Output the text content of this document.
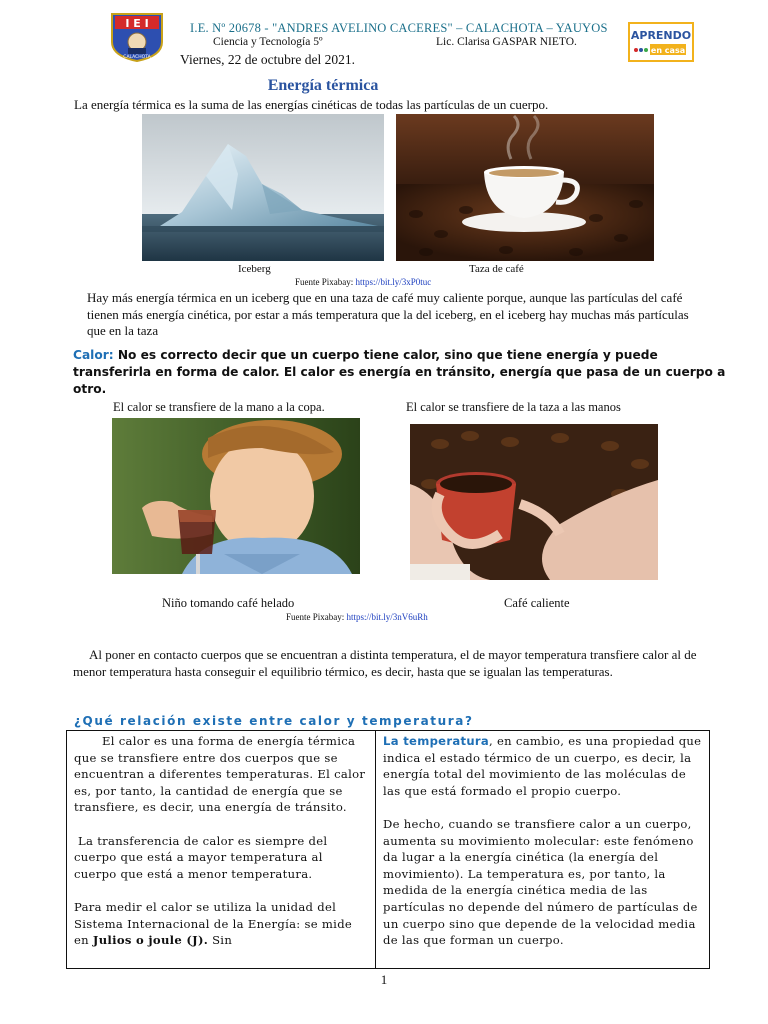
I E I
CALACHOTA
I.E. Nº 20678 - "ANDRES AVELINO CACERES" – CALACHOTA – YAUYOS
Ciencia y Tecnología 5º	Lic. Clarisa GASPAR NIETO.
Viernes, 22 de octubre del 2021.
APRENDO
en casa
Energía térmica
La energía térmica es la suma de las energías cinéticas de todas las partículas de un cuerpo.
Iceberg	Taza de café
Fuente Pixabay: https://bit.ly/3xP0tuc
Hay más energía térmica en un iceberg que en una taza de café muy caliente porque, aunque las partículas del café tienen más energía cinética, por estar a más temperatura que la del iceberg, en el iceberg hay muchas más partículas que en la taza
Calor: No es correcto decir que un cuerpo tiene calor, sino que tiene energía y puede transferirla en forma de calor. El calor es energía en tránsito, energía que pasa de un cuerpo a otro.
El calor se transfiere de la mano a la copa.	El calor se transfiere de la taza a las manos
Niño tomando café helado	Café caliente
Fuente Pixabay: https://bit.ly/3nV6uRh
Al poner en contacto cuerpos que se encuentran a distinta temperatura, el de mayor temperatura transfiere calor al de menor temperatura hasta conseguir el equilibrio térmico, es decir, hasta que se igualan las temperaturas.
¿Qué relación existe entre calor y temperatura?

El calor es una forma de energía térmica que se transfiere entre dos cuerpos que se encuentran a diferentes temperaturas. El calor es, por tanto, la cantidad de energía que se transfiere, es decir, una energía de tránsito.

La transferencia de calor es siempre del cuerpo que está a mayor temperatura al cuerpo que está a menor temperatura.

Para medir el calor se utiliza la unidad del Sistema Internacional de la Energía: se mide en Julios o joule (J). Sin

La temperatura, en cambio, es una propiedad que indica el estado térmico de un cuerpo, es decir, la energía total del movimiento de las moléculas de las que está formado el propio cuerpo.

De hecho, cuando se transfiere calor a un cuerpo, aumenta su movimiento molecular: este fenómeno da lugar a la energía cinética (la energía del movimiento). La temperatura es, por tanto, la medida de la energía cinética media de las partículas no depende del número de partículas de un cuerpo sino que depende de la velocidad media de las que forman un cuerpo.

1
